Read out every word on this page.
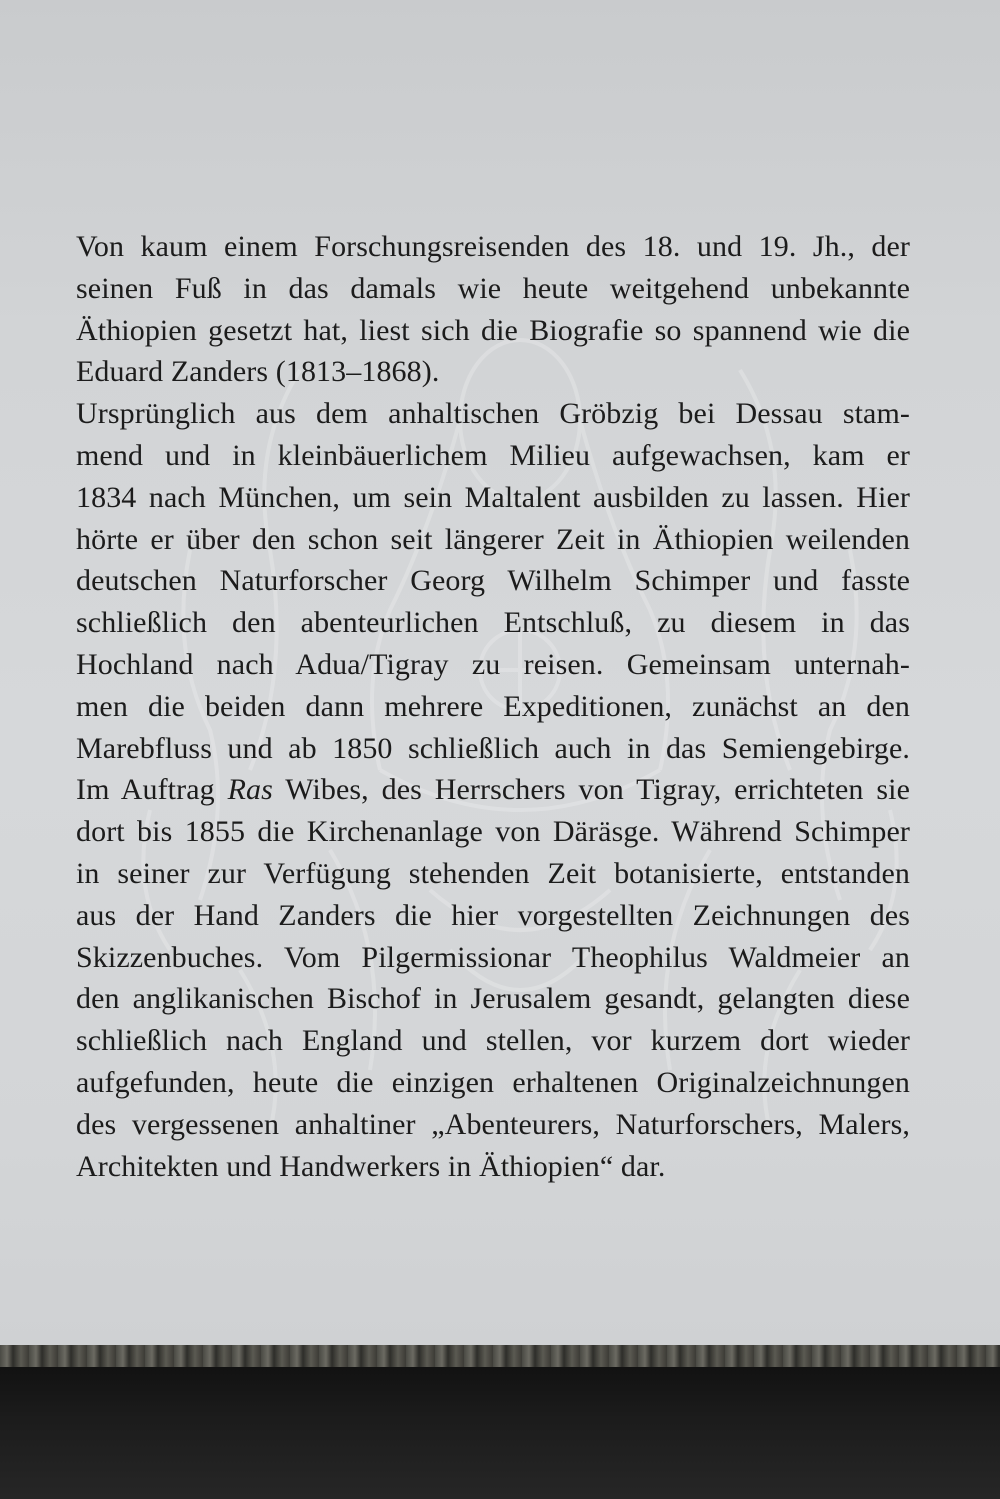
Von kaum einem Forschungsreisenden des 18. und 19. Jh., der
seinen Fuß in das damals wie heute weitgehend unbekannte
Äthiopien gesetzt hat, liest sich die Biografie so spannend wie die
Eduard Zanders (1813–1868).
Ursprünglich aus dem anhaltischen Gröbzig bei Dessau stam-
mend und in kleinbäuerlichem Milieu aufgewachsen, kam er
1834 nach München, um sein Maltalent ausbilden zu lassen. Hier
hörte er über den schon seit längerer Zeit in Äthiopien weilenden
deutschen Naturforscher Georg Wilhelm Schimper und fasste
schließlich den abenteurlichen Entschluß, zu diesem in das
Hochland nach Adua/Tigray zu reisen. Gemeinsam unternah-
men die beiden dann mehrere Expeditionen, zunächst an den
Marebfluss und ab 1850 schließlich auch in das Semiengebirge.
Im Auftrag Ras Wibes, des Herrschers von Tigray, errichteten sie
dort bis 1855 die Kirchenanlage von Däräsge. Während Schimper
in seiner zur Verfügung stehenden Zeit botanisierte, entstanden
aus der Hand Zanders die hier vorgestellten Zeichnungen des
Skizzenbuches. Vom Pilgermissionar Theophilus Waldmeier an
den anglikanischen Bischof in Jerusalem gesandt, gelangten diese
schließlich nach England und stellen, vor kurzem dort wieder
aufgefunden, heute die einzigen erhaltenen Originalzeichnungen
des vergessenen anhaltiner „Abenteurers, Naturforschers, Malers,
Architekten und Handwerkers in Äthiopien“ dar.
